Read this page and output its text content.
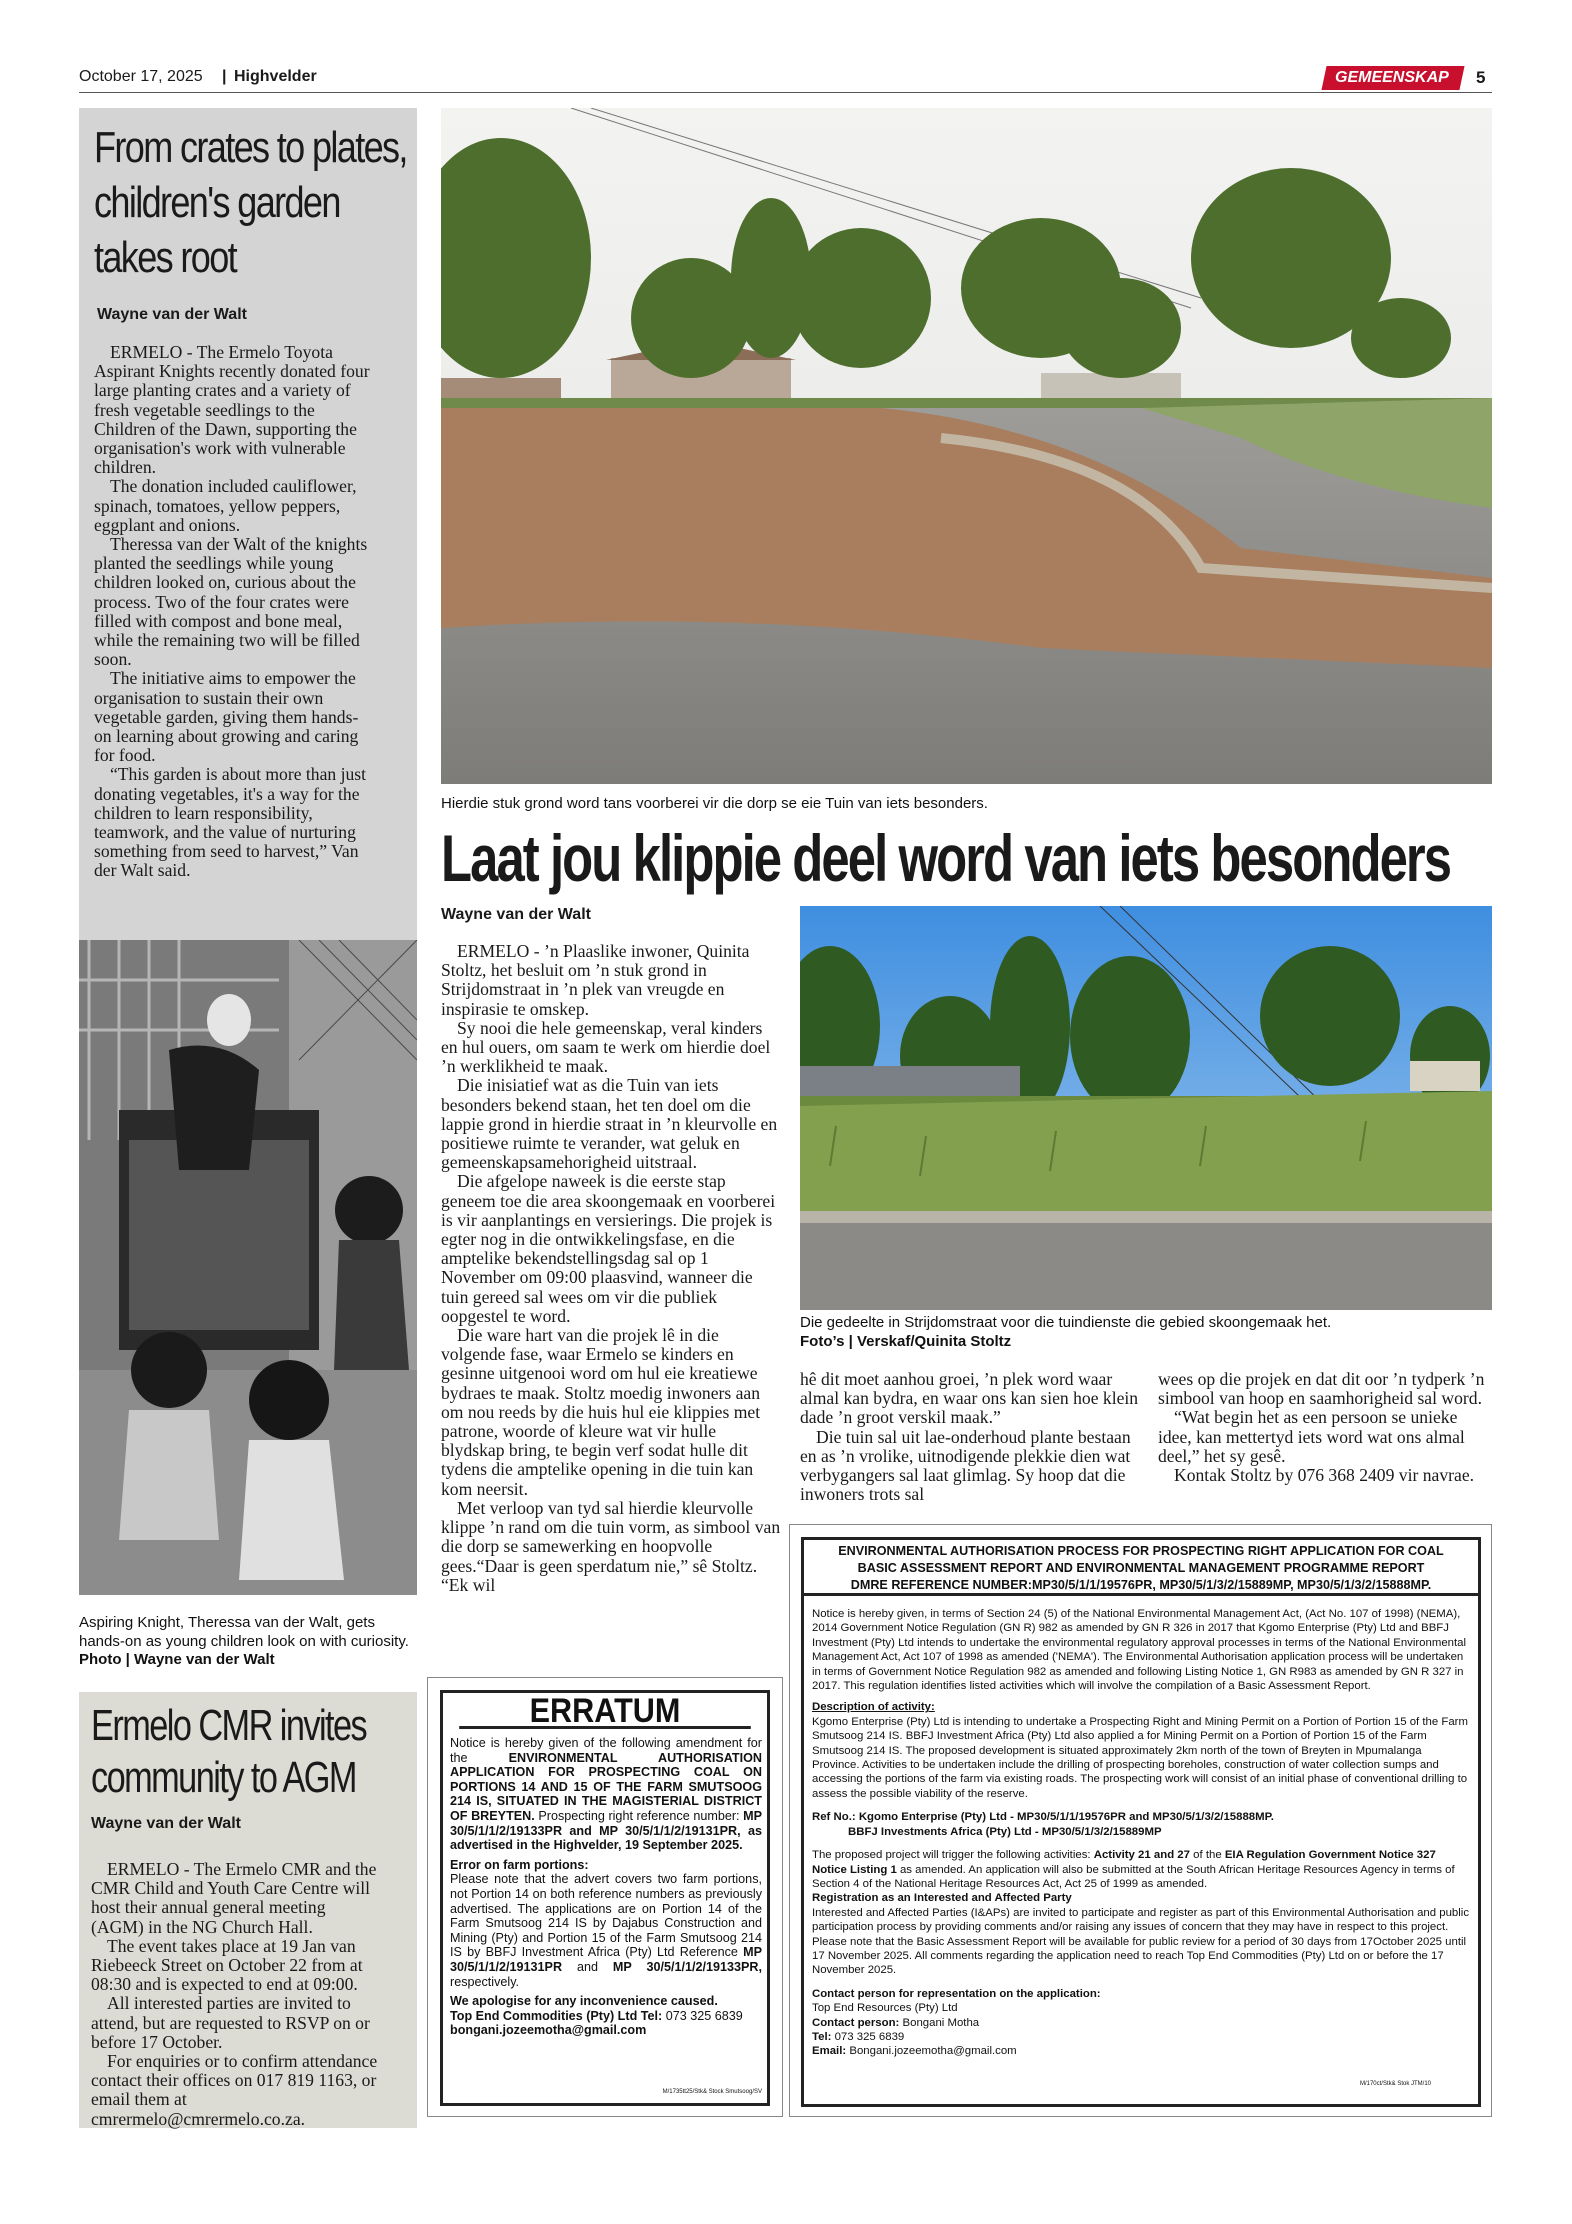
October 17, 2025 | Highvelder	GEMEENSKAP 5
From crates to plates, children's garden takes root
Wayne van der Walt

ERMELO - The Ermelo Toyota Aspirant Knights recently donated four large planting crates and a variety of fresh vegetable seedlings to the Children of the Dawn, supporting the organisation's work with vulnerable children.

The donation included cauliflower, spinach, tomatoes, yellow peppers, eggplant and onions.

Theressa van der Walt of the knights planted the seedlings while young children looked on, curious about the process. Two of the four crates were filled with compost and bone meal, while the remaining two will be filled soon.

The initiative aims to empower the organisation to sustain their own vegetable garden, giving them hands-on learning about growing and caring for food.

“This garden is about more than just donating vegetables, it's a way for the children to learn responsibility, teamwork, and the value of nurturing something from seed to harvest,” Van der Walt said.

Aspiring Knight, Theressa van der Walt, gets hands-on as young children look on with curiosity. Photo | Wayne van der Walt
Ermelo CMR invites community to AGM
Wayne van der Walt

ERMELO - The Ermelo CMR and the CMR Child and Youth Care Centre will host their annual general meeting (AGM) in the NG Church Hall.

The event takes place at 19 Jan van Riebeeck Street on October 22 from at 08:30 and is expected to end at 09:00.

All interested parties are invited to attend, but are requested to RSVP on or before 17 October.

For enquiries or to confirm attendance contact their offices on 017 819 1163, or email them at cmrermelo@cmrermelo.co.za.

Hierdie stuk grond word tans voorberei vir die dorp se eie Tuin van iets besonders.
Laat jou klippie deel word van iets besonders
Wayne van der Walt

ERMELO - ’n Plaaslike inwoner, Quinita Stoltz, het besluit om ’n stuk grond in Strijdomstraat in ’n plek van vreugde en inspirasie te omskep.

Sy nooi die hele gemeenskap, veral kinders en hul ouers, om saam te werk om hierdie doel ’n werklikheid te maak.

Die inisiatief wat as die Tuin van iets besonders bekend staan, het ten doel om die lappie grond in hierdie straat in ’n kleurvolle en positiewe ruimte te verander, wat geluk en gemeenskapsamehorigheid uitstraal.

Die afgelope naweek is die eerste stap geneem toe die area skoongemaak en voorberei is vir aanplantings en versierings. Die projek is egter nog in die ontwikkelingsfase, en die amptelike bekendstellingsdag sal op 1 November om 09:00 plaasvind, wanneer die tuin gereed sal wees om vir die publiek oopgestel te word.

Die ware hart van die projek lê in die volgende fase, waar Ermelo se kinders en gesinne uitgenooi word om hul eie kreatiewe bydraes te maak. Stoltz moedig inwoners aan om nou reeds by die huis hul eie klippies met patrone, woorde of kleure wat vir hulle blydskap bring, te begin verf sodat hulle dit tydens die amptelike opening in die tuin kan kom neersit.

Met verloop van tyd sal hierdie kleurvolle klippe ’n rand om die tuin vorm, as simbool van die dorp se samewerking en hoopvolle gees.“Daar is geen sperdatum nie,” sê Stoltz. “Ek wil

Die gedeelte in Strijdomstraat voor die tuindienste die gebied skoongemaak het.
Foto’s | Verskaf/Quinita Stoltz

hê dit moet aanhou groei, ’n plek word waar almal kan bydra, en waar ons kan sien hoe klein dade ’n groot verskil maak.”

Die tuin sal uit lae-onderhoud plante bestaan en as ’n vrolike, uitnodigende plekkie dien wat verbygangers sal laat glimlag. Sy hoop dat die inwoners trots sal

wees op die projek en dat dit oor ’n tydperk ’n simbool van hoop en saamhorigheid sal word.

“Wat begin het as een persoon se unieke idee, kan mettertyd iets word wat ons almal deel,” het sy gesê.

Kontak Stoltz by 076 368 2409 vir navrae.

ERRATUM

Notice is hereby given of the following amendment for the ENVIRONMENTAL AUTHORISATION APPLICATION FOR PROSPECTING COAL ON PORTIONS 14 AND 15 OF THE FARM SMUTSOOG 214 IS, SITUATED IN THE MAGISTERIAL DISTRICT OF BREYTEN. Prospecting right reference number: MP 30/5/1/1/2/19133PR and MP 30/5/1/1/2/19131PR, as advertised in the Highvelder, 19 September 2025.

Error on farm portions:

Please note that the advert covers two farm portions, not Portion 14 on both reference numbers as previously advertised. The applications are on Portion 14 of the Farm Smutsoog 214 IS by Dajabus Construction and Mining (Pty) and Portion 15 of the Farm Smutsoog 214 IS by BBFJ Investment Africa (Pty) Ltd Reference MP 30/5/1/1/2/19131PR and MP 30/5/1/1/2/19133PR, respectively.

We apologise for any inconvenience caused.

Top End Commodities (Pty) Ltd Tel: 073 325 6839

bongani.jozeemotha@gmail.com

M/1735tt25/Stk& Stock Smutsoog/SV
ENVIRONMENTAL AUTHORISATION PROCESS FOR PROSPECTING RIGHT APPLICATION FOR COAL
BASIC ASSESSMENT REPORT AND ENVIRONMENTAL MANAGEMENT PROGRAMME REPORT
DMRE REFERENCE NUMBER:MP30/5/1/1/19576PR, MP30/5/1/3/2/15889MP, MP30/5/1/3/2/15888MP.

Notice is hereby given, in terms of Section 24 (5) of the National Environmental Management Act, (Act No. 107 of 1998) (NEMA), 2014 Government Notice Regulation (GN R) 982 as amended by GN R 326 in 2017 that Kgomo Enterprise (Pty) Ltd and BBFJ Investment (Pty) Ltd intends to undertake the environmental regulatory approval processes in terms of the National Environmental Management Act, Act 107 of 1998 as amended ('NEMA'). The Environmental Authorisation application process will be undertaken in terms of Government Notice Regulation 982 as amended and following Listing Notice 1, GN R983 as amended by GN R 327 in 2017. This regulation identifies listed activities which will involve the compilation of a Basic Assessment Report.

Description of activity:

Kgomo Enterprise (Pty) Ltd is intending to undertake a Prospecting Right and Mining Permit on a Portion of Portion 15 of the Farm Smutsoog 214 IS. BBFJ Investment Africa (Pty) Ltd also applied a for Mining Permit on a Portion of Portion 15 of the Farm Smutsoog 214 IS. The proposed development is situated approximately 2km north of the town of Breyten in Mpumalanga Province. Activities to be undertaken include the drilling of prospecting boreholes, construction of water collection sumps and accessing the portions of the farm via existing roads. The prospecting work will consist of an initial phase of conventional drilling to assess the possible viability of the reserve.

Ref No.: Kgomo Enterprise (Pty) Ltd - MP30/5/1/1/19576PR and MP30/5/1/3/2/15888MP.

BBFJ Investments Africa (Pty) Ltd - MP30/5/1/3/2/15889MP

The proposed project will trigger the following activities: Activity 21 and 27 of the EIA Regulation Government Notice 327 Notice Listing 1 as amended. An application will also be submitted at the South African Heritage Resources Agency in terms of Section 4 of the National Heritage Resources Act, Act 25 of 1999 as amended.

Registration as an Interested and Affected Party

Interested and Affected Parties (I&APs) are invited to participate and register as part of this Environmental Authorisation and public participation process by providing comments and/or raising any issues of concern that they may have in respect to this project. Please note that the Basic Assessment Report will be available for public review for a period of 30 days from 17October 2025 until 17 November 2025. All comments regarding the application need to reach Top End Commodities (Pty) Ltd on or before the 17 November 2025.

Contact person for representation on the application:

Top End Resources (Pty) Ltd

Contact person: Bongani Motha

Tel: 073 325 6839

Email: Bongani.jozeemotha@gmail.com

M/170ct/Stk& Stok JTM/10
